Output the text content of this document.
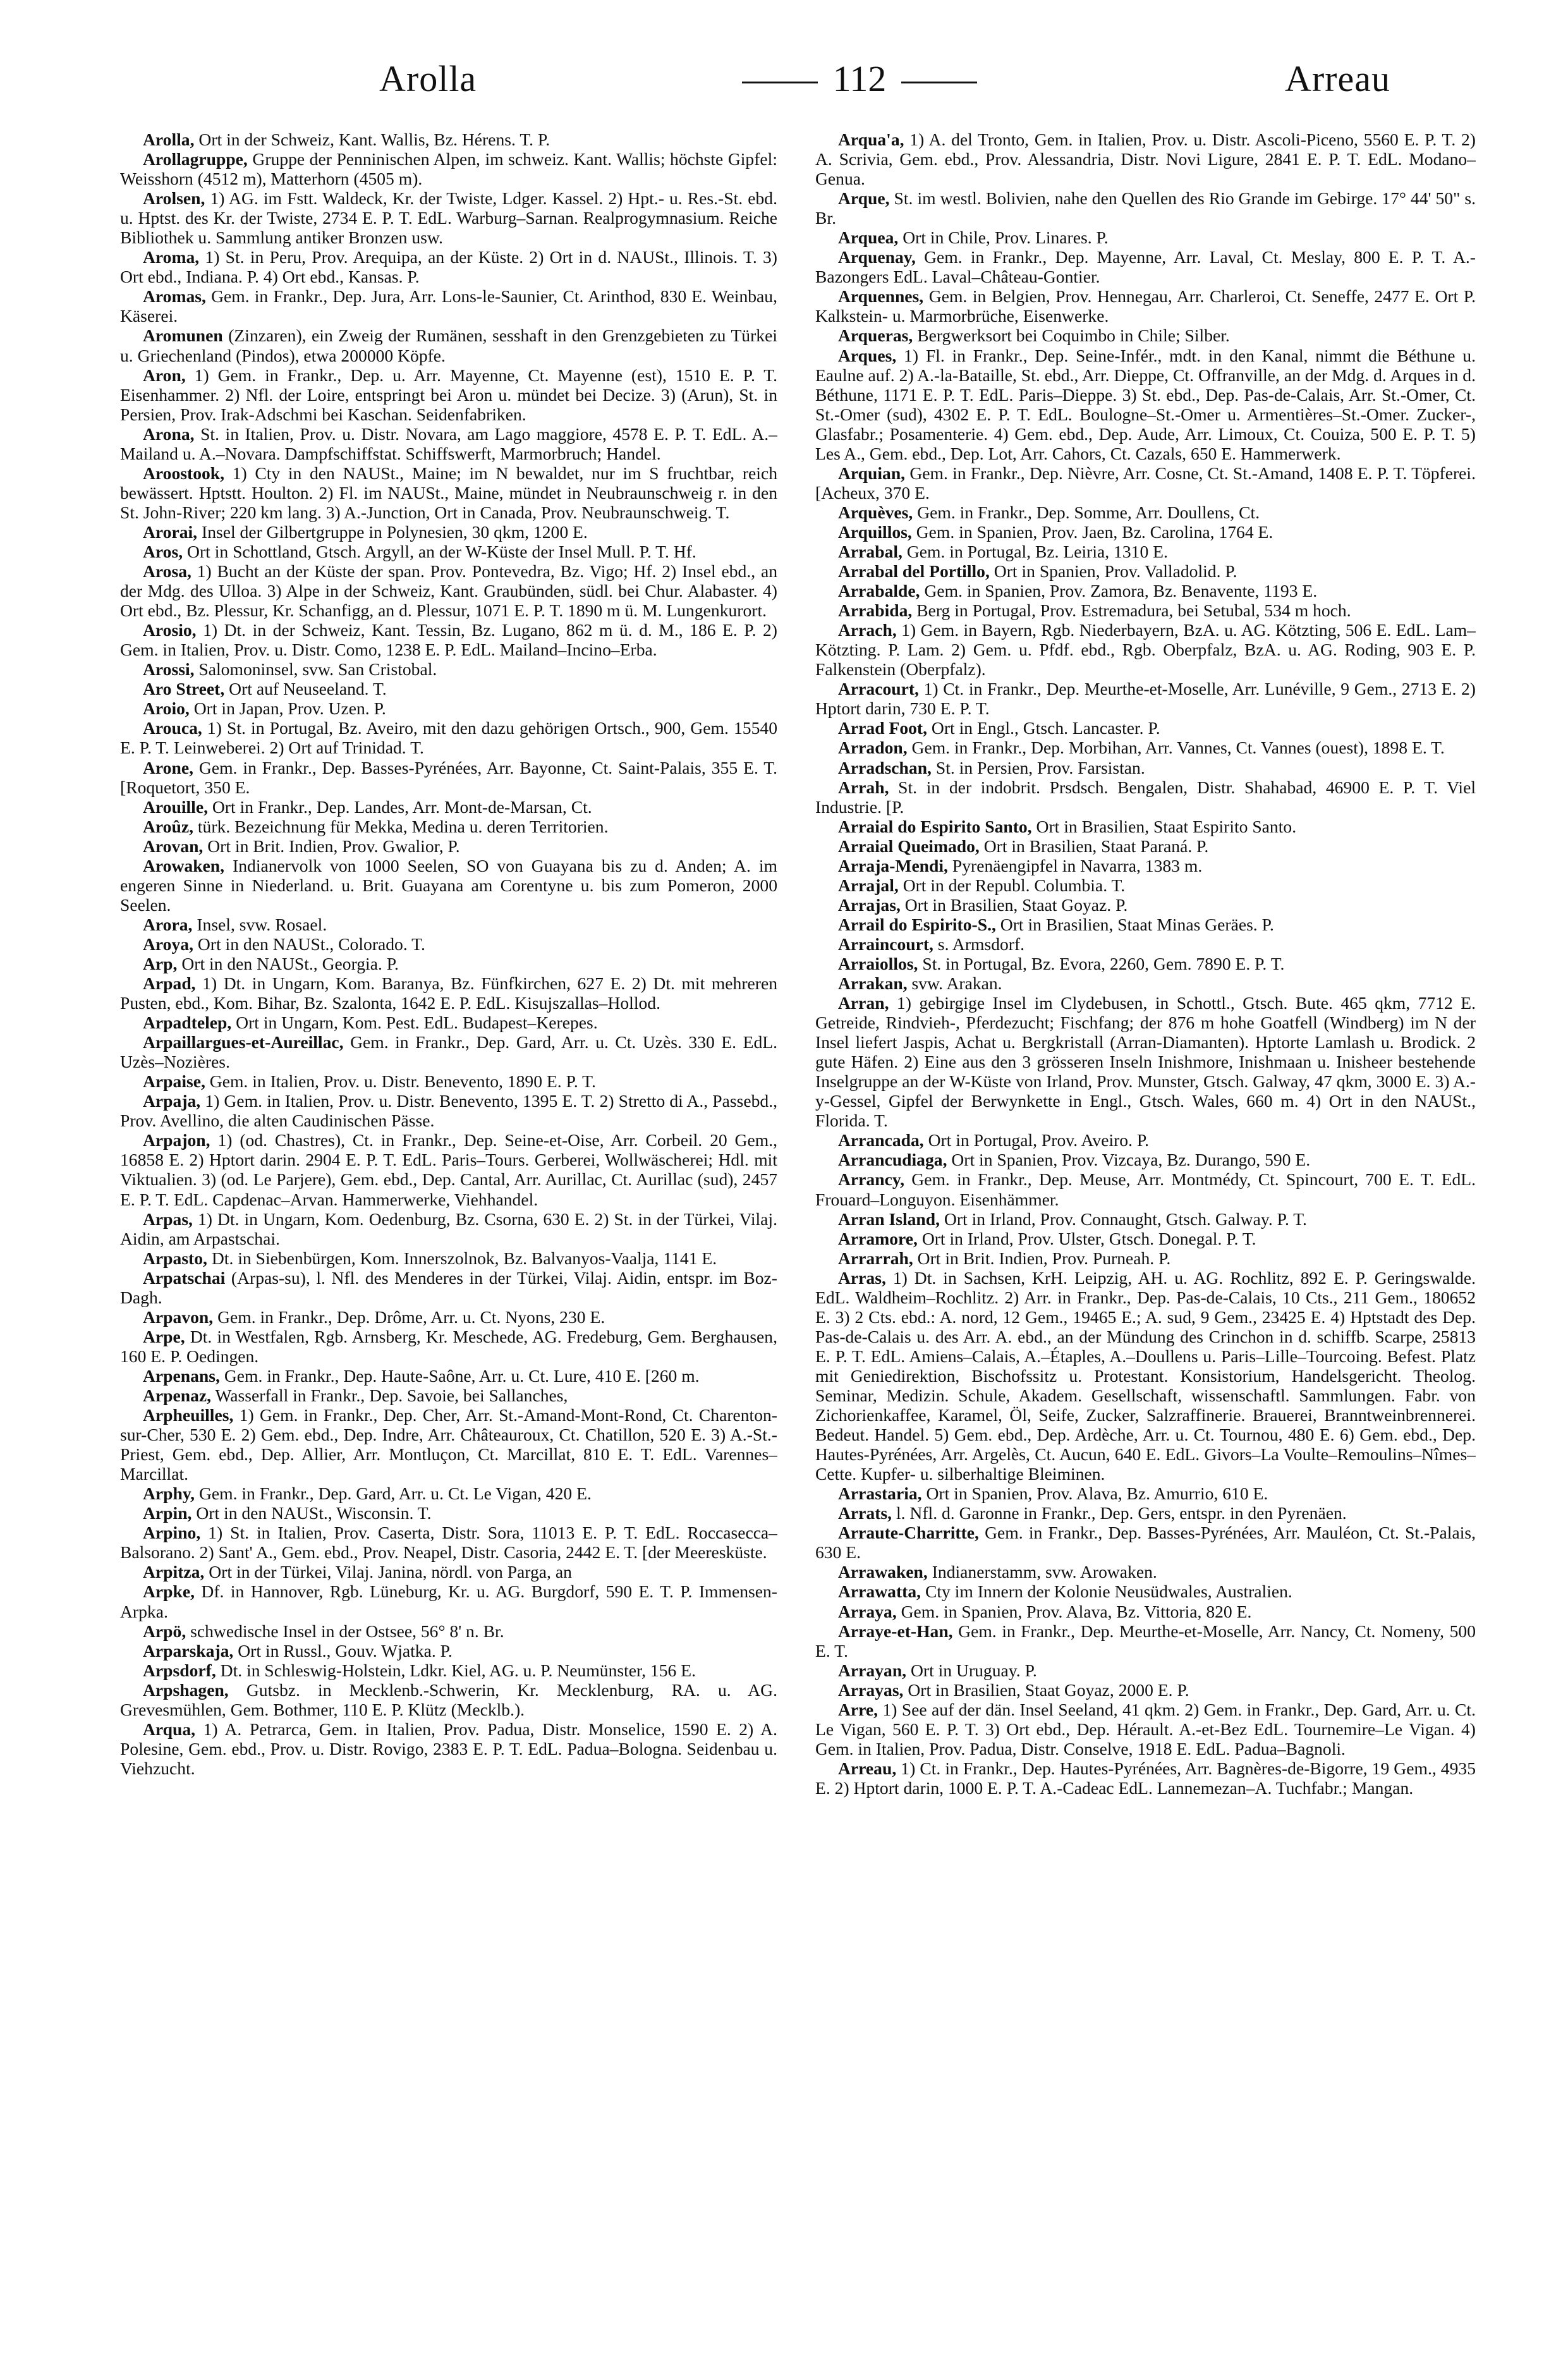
Arolla	112	Arreau

Arolla, Ort in der Schweiz, Kant. Wallis, Bz. Hérens. T. P.

Arollagruppe, Gruppe der Penninischen Alpen, im schweiz. Kant. Wallis; höchste Gipfel: Weisshorn (4512 m), Matterhorn (4505 m).

Arolsen, 1) AG. im Fstt. Waldeck, Kr. der Twiste, Ldger. Kassel. 2) Hpt.- u. Res.-St. ebd. u. Hptst. des Kr. der Twiste, 2734 E. P. T. EdL. Warburg–Sarnan. Realprogymnasium. Reiche Bibliothek u. Sammlung antiker Bronzen usw.

Aroma, 1) St. in Peru, Prov. Arequipa, an der Küste. 2) Ort in d. NAUSt., Illinois. T. 3) Ort ebd., Indiana. P. 4) Ort ebd., Kansas. P.

Aromas, Gem. in Frankr., Dep. Jura, Arr. Lons-le-Saunier, Ct. Arinthod, 830 E. Weinbau, Käserei.

Aromunen (Zinzaren), ein Zweig der Rumänen, sesshaft in den Grenzgebieten zu Türkei u. Griechenland (Pindos), etwa 200000 Köpfe.

Aron, 1) Gem. in Frankr., Dep. u. Arr. Mayenne, Ct. Mayenne (est), 1510 E. P. T. Eisenhammer. 2) Nfl. der Loire, entspringt bei Aron u. mündet bei Decize. 3) (Arun), St. in Persien, Prov. Irak-Adschmi bei Kaschan. Seidenfabriken.

Arona, St. in Italien, Prov. u. Distr. Novara, am Lago maggiore, 4578 E. P. T. EdL. A.–Mailand u. A.–Novara. Dampfschiffstat. Schiffswerft, Marmorbruch; Handel.

Aroostook, 1) Cty in den NAUSt., Maine; im N bewaldet, nur im S fruchtbar, reich bewässert. Hptstt. Houlton. 2) Fl. im NAUSt., Maine, mündet in Neubraunschweig r. in den St. John-River; 220 km lang. 3) A.-Junction, Ort in Canada, Prov. Neubraunschweig. T.

Arorai, Insel der Gilbertgruppe in Polynesien, 30 qkm, 1200 E.

Aros, Ort in Schottland, Gtsch. Argyll, an der W-Küste der Insel Mull. P. T. Hf.

Arosa, 1) Bucht an der Küste der span. Prov. Pontevedra, Bz. Vigo; Hf. 2) Insel ebd., an der Mdg. des Ulloa. 3) Alpe in der Schweiz, Kant. Graubünden, südl. bei Chur. Alabaster. 4) Ort ebd., Bz. Plessur, Kr. Schanfigg, an d. Plessur, 1071 E. P. T. 1890 m ü. M. Lungenkurort.

Arosio, 1) Dt. in der Schweiz, Kant. Tessin, Bz. Lugano, 862 m ü. d. M., 186 E. P. 2) Gem. in Italien, Prov. u. Distr. Como, 1238 E. P. EdL. Mailand–Incino–Erba.

Arossi, Salomoninsel, svw. San Cristobal.

Aro Street, Ort auf Neuseeland. T.

Aroio, Ort in Japan, Prov. Uzen. P.

Arouca, 1) St. in Portugal, Bz. Aveiro, mit den dazu gehörigen Ortsch., 900, Gem. 15540 E. P. T. Leinweberei. 2) Ort auf Trinidad. T.

Arone, Gem. in Frankr., Dep. Basses-Pyrénées, Arr. Bayonne, Ct. Saint-Palais, 355 E. T. [Roquetort, 350 E.

Arouille, Ort in Frankr., Dep. Landes, Arr. Mont-de-Marsan, Ct.

Aroûz, türk. Bezeichnung für Mekka, Medina u. deren Territorien.

Arovan, Ort in Brit. Indien, Prov. Gwalior, P.

Arowaken, Indianervolk von 1000 Seelen, SO von Guayana bis zu d. Anden; A. im engeren Sinne in Niederland. u. Brit. Guayana am Corentyne u. bis zum Pomeron, 2000 Seelen.

Arora, Insel, svw. Rosael.

Aroya, Ort in den NAUSt., Colorado. T.

Arp, Ort in den NAUSt., Georgia. P.

Arpad, 1) Dt. in Ungarn, Kom. Baranya, Bz. Fünfkirchen, 627 E. 2) Dt. mit mehreren Pusten, ebd., Kom. Bihar, Bz. Szalonta, 1642 E. P. EdL. Kisujszallas–Hollod.

Arpadtelep, Ort in Ungarn, Kom. Pest. EdL. Budapest–Kerepes.

Arpaillargues-et-Aureillac, Gem. in Frankr., Dep. Gard, Arr. u. Ct. Uzès. 330 E. EdL. Uzès–Nozières.

Arpaise, Gem. in Italien, Prov. u. Distr. Benevento, 1890 E. P. T.

Arpaja, 1) Gem. in Italien, Prov. u. Distr. Benevento, 1395 E. T. 2) Stretto di A., Passebd., Prov. Avellino, die alten Caudinischen Pässe.

Arpajon, 1) (od. Chastres), Ct. in Frankr., Dep. Seine-et-Oise, Arr. Corbeil. 20 Gem., 16858 E. 2) Hptort darin. 2904 E. P. T. EdL. Paris–Tours. Gerberei, Wollwäscherei; Hdl. mit Viktualien. 3) (od. Le Parjere), Gem. ebd., Dep. Cantal, Arr. Aurillac, Ct. Aurillac (sud), 2457 E. P. T. EdL. Capdenac–Arvan. Hammerwerke, Viehhandel.

Arpas, 1) Dt. in Ungarn, Kom. Oedenburg, Bz. Csorna, 630 E. 2) St. in der Türkei, Vilaj. Aidin, am Arpastschai.

Arpasto, Dt. in Siebenbürgen, Kom. Innerszolnok, Bz. Balvanyos-Vaalja, 1141 E.

Arpatschai (Arpas-su), l. Nfl. des Menderes in der Türkei, Vilaj. Aidin, entspr. im Boz-Dagh.

Arpavon, Gem. in Frankr., Dep. Drôme, Arr. u. Ct. Nyons, 230 E.

Arpe, Dt. in Westfalen, Rgb. Arnsberg, Kr. Meschede, AG. Fredeburg, Gem. Berghausen, 160 E. P. Oedingen.

Arpenans, Gem. in Frankr., Dep. Haute-Saône, Arr. u. Ct. Lure, 410 E. [260 m.

Arpenaz, Wasserfall in Frankr., Dep. Savoie, bei Sallanches,

Arpheuilles, 1) Gem. in Frankr., Dep. Cher, Arr. St.-Amand-Mont-Rond, Ct. Charenton-sur-Cher, 530 E. 2) Gem. ebd., Dep. Indre, Arr. Châteauroux, Ct. Chatillon, 520 E. 3) A.-St.-Priest, Gem. ebd., Dep. Allier, Arr. Montluçon, Ct. Marcillat, 810 E. T. EdL. Varennes–Marcillat.

Arphy, Gem. in Frankr., Dep. Gard, Arr. u. Ct. Le Vigan, 420 E.

Arpin, Ort in den NAUSt., Wisconsin. T.

Arpino, 1) St. in Italien, Prov. Caserta, Distr. Sora, 11013 E. P. T. EdL. Roccasecca–Balsorano. 2) Sant' A., Gem. ebd., Prov. Neapel, Distr. Casoria, 2442 E. T. [der Meeresküste.

Arpitza, Ort in der Türkei, Vilaj. Janina, nördl. von Parga, an

Arpke, Df. in Hannover, Rgb. Lüneburg, Kr. u. AG. Burgdorf, 590 E. T. P. Immensen-Arpka.

Arpö, schwedische Insel in der Ostsee, 56° 8' n. Br.

Arparskaja, Ort in Russl., Gouv. Wjatka. P.

Arpsdorf, Dt. in Schleswig-Holstein, Ldkr. Kiel, AG. u. P. Neumünster, 156 E.

Arpshagen, Gutsbz. in Mecklenb.-Schwerin, Kr. Mecklenburg, RA. u. AG. Grevesmühlen, Gem. Bothmer, 110 E. P. Klütz (Mecklb.).

Arqua, 1) A. Petrarca, Gem. in Italien, Prov. Padua, Distr. Monselice, 1590 E. 2) A. Polesine, Gem. ebd., Prov. u. Distr. Rovigo, 2383 E. P. T. EdL. Padua–Bologna. Seidenbau u. Viehzucht.

Arqua'a, 1) A. del Tronto, Gem. in Italien, Prov. u. Distr. Ascoli-Piceno, 5560 E. P. T. 2) A. Scrivia, Gem. ebd., Prov. Alessandria, Distr. Novi Ligure, 2841 E. P. T. EdL. Modano–Genua.

Arque, St. im westl. Bolivien, nahe den Quellen des Rio Grande im Gebirge. 17° 44' 50" s. Br.

Arquea, Ort in Chile, Prov. Linares. P.

Arquenay, Gem. in Frankr., Dep. Mayenne, Arr. Laval, Ct. Meslay, 800 E. P. T. A.-Bazongers EdL. Laval–Château-Gontier.

Arquennes, Gem. in Belgien, Prov. Hennegau, Arr. Charleroi, Ct. Seneffe, 2477 E. Ort P. Kalkstein- u. Marmorbrüche, Eisenwerke.

Arqueras, Bergwerksort bei Coquimbo in Chile; Silber.

Arques, 1) Fl. in Frankr., Dep. Seine-Infér., mdt. in den Kanal, nimmt die Béthune u. Eaulne auf. 2) A.-la-Bataille, St. ebd., Arr. Dieppe, Ct. Offranville, an der Mdg. d. Arques in d. Béthune, 1171 E. P. T. EdL. Paris–Dieppe. 3) St. ebd., Dep. Pas-de-Calais, Arr. St.-Omer, Ct. St.-Omer (sud), 4302 E. P. T. EdL. Boulogne–St.-Omer u. Armentières–St.-Omer. Zucker-, Glasfabr.; Posamenterie. 4) Gem. ebd., Dep. Aude, Arr. Limoux, Ct. Couiza, 500 E. P. T. 5) Les A., Gem. ebd., Dep. Lot, Arr. Cahors, Ct. Cazals, 650 E. Hammerwerk.

Arquian, Gem. in Frankr., Dep. Nièvre, Arr. Cosne, Ct. St.-Amand, 1408 E. P. T. Töpferei. [Acheux, 370 E.

Arquèves, Gem. in Frankr., Dep. Somme, Arr. Doullens, Ct.

Arquillos, Gem. in Spanien, Prov. Jaen, Bz. Carolina, 1764 E.

Arrabal, Gem. in Portugal, Bz. Leiria, 1310 E.

Arrabal del Portillo, Ort in Spanien, Prov. Valladolid. P.

Arrabalde, Gem. in Spanien, Prov. Zamora, Bz. Benavente, 1193 E.

Arrabida, Berg in Portugal, Prov. Estremadura, bei Setubal, 534 m hoch.

Arrach, 1) Gem. in Bayern, Rgb. Niederbayern, BzA. u. AG. Kötzting, 506 E. EdL. Lam–Kötzting. P. Lam. 2) Gem. u. Pfdf. ebd., Rgb. Oberpfalz, BzA. u. AG. Roding, 903 E. P. Falkenstein (Oberpfalz).

Arracourt, 1) Ct. in Frankr., Dep. Meurthe-et-Moselle, Arr. Lunéville, 9 Gem., 2713 E. 2) Hptort darin, 730 E. P. T.

Arrad Foot, Ort in Engl., Gtsch. Lancaster. P.

Arradon, Gem. in Frankr., Dep. Morbihan, Arr. Vannes, Ct. Vannes (ouest), 1898 E. T.

Arradschan, St. in Persien, Prov. Farsistan.

Arrah, St. in der indobrit. Prsdsch. Bengalen, Distr. Shahabad, 46900 E. P. T. Viel Industrie. [P.

Arraial do Espirito Santo, Ort in Brasilien, Staat Espirito Santo.

Arraial Queimado, Ort in Brasilien, Staat Paraná. P.

Arraja-Mendi, Pyrenäengipfel in Navarra, 1383 m.

Arrajal, Ort in der Republ. Columbia. T.

Arrajas, Ort in Brasilien, Staat Goyaz. P.

Arrail do Espirito-S., Ort in Brasilien, Staat Minas Geräes. P.

Arraincourt, s. Armsdorf.

Arraiollos, St. in Portugal, Bz. Evora, 2260, Gem. 7890 E. P. T.

Arrakan, svw. Arakan.

Arran, 1) gebirgige Insel im Clydebusen, in Schottl., Gtsch. Bute. 465 qkm, 7712 E. Getreide, Rindvieh-, Pferdezucht; Fischfang; der 876 m hohe Goatfell (Windberg) im N der Insel liefert Jaspis, Achat u. Bergkristall (Arran-Diamanten). Hptorte Lamlash u. Brodick. 2 gute Häfen. 2) Eine aus den 3 grösseren Inseln Inishmore, Inishmaan u. Inisheer bestehende Inselgruppe an der W-Küste von Irland, Prov. Munster, Gtsch. Galway, 47 qkm, 3000 E. 3) A.-y-Gessel, Gipfel der Berwynkette in Engl., Gtsch. Wales, 660 m. 4) Ort in den NAUSt., Florida. T.

Arrancada, Ort in Portugal, Prov. Aveiro. P.

Arrancudiaga, Ort in Spanien, Prov. Vizcaya, Bz. Durango, 590 E.

Arrancy, Gem. in Frankr., Dep. Meuse, Arr. Montmédy, Ct. Spincourt, 700 E. T. EdL. Frouard–Longuyon. Eisenhämmer.

Arran Island, Ort in Irland, Prov. Connaught, Gtsch. Galway. P. T.

Arramore, Ort in Irland, Prov. Ulster, Gtsch. Donegal. P. T.

Arrarrah, Ort in Brit. Indien, Prov. Purneah. P.

Arras, 1) Dt. in Sachsen, KrH. Leipzig, AH. u. AG. Rochlitz, 892 E. P. Geringswalde. EdL. Waldheim–Rochlitz. 2) Arr. in Frankr., Dep. Pas-de-Calais, 10 Cts., 211 Gem., 180652 E. 3) 2 Cts. ebd.: A. nord, 12 Gem., 19465 E.; A. sud, 9 Gem., 23425 E. 4) Hptstadt des Dep. Pas-de-Calais u. des Arr. A. ebd., an der Mündung des Crinchon in d. schiffb. Scarpe, 25813 E. P. T. EdL. Amiens–Calais, A.–Étaples, A.–Doullens u. Paris–Lille–Tourcoing. Befest. Platz mit Geniedirektion, Bischofssitz u. Protestant. Konsistorium, Handelsgericht. Theolog. Seminar, Medizin. Schule, Akadem. Gesellschaft, wissenschaftl. Sammlungen. Fabr. von Zichorienkaffee, Karamel, Öl, Seife, Zucker, Salzraffinerie. Brauerei, Branntweinbrennerei. Bedeut. Handel. 5) Gem. ebd., Dep. Ardèche, Arr. u. Ct. Tournou, 480 E. 6) Gem. ebd., Dep. Hautes-Pyrénées, Arr. Argelès, Ct. Aucun, 640 E. EdL. Givors–La Voulte–Remoulins–Nîmes–Cette. Kupfer- u. silberhaltige Bleiminen.

Arrastaria, Ort in Spanien, Prov. Alava, Bz. Amurrio, 610 E.

Arrats, l. Nfl. d. Garonne in Frankr., Dep. Gers, entspr. in den Pyrenäen.

Arraute-Charritte, Gem. in Frankr., Dep. Basses-Pyrénées, Arr. Mauléon, Ct. St.-Palais, 630 E.

Arrawaken, Indianerstamm, svw. Arowaken.

Arrawatta, Cty im Innern der Kolonie Neusüdwales, Australien.

Arraya, Gem. in Spanien, Prov. Alava, Bz. Vittoria, 820 E.

Arraye-et-Han, Gem. in Frankr., Dep. Meurthe-et-Moselle, Arr. Nancy, Ct. Nomeny, 500 E. T.

Arrayan, Ort in Uruguay. P.

Arrayas, Ort in Brasilien, Staat Goyaz, 2000 E. P.

Arre, 1) See auf der dän. Insel Seeland, 41 qkm. 2) Gem. in Frankr., Dep. Gard, Arr. u. Ct. Le Vigan, 560 E. P. T. 3) Ort ebd., Dep. Hérault. A.-et-Bez EdL. Tournemire–Le Vigan. 4) Gem. in Italien, Prov. Padua, Distr. Conselve, 1918 E. EdL. Padua–Bagnoli.

Arreau, 1) Ct. in Frankr., Dep. Hautes-Pyrénées, Arr. Bagnères-de-Bigorre, 19 Gem., 4935 E. 2) Hptort darin, 1000 E. P. T. A.-Cadeac EdL. Lannemezan–A. Tuchfabr.; Mangan.
